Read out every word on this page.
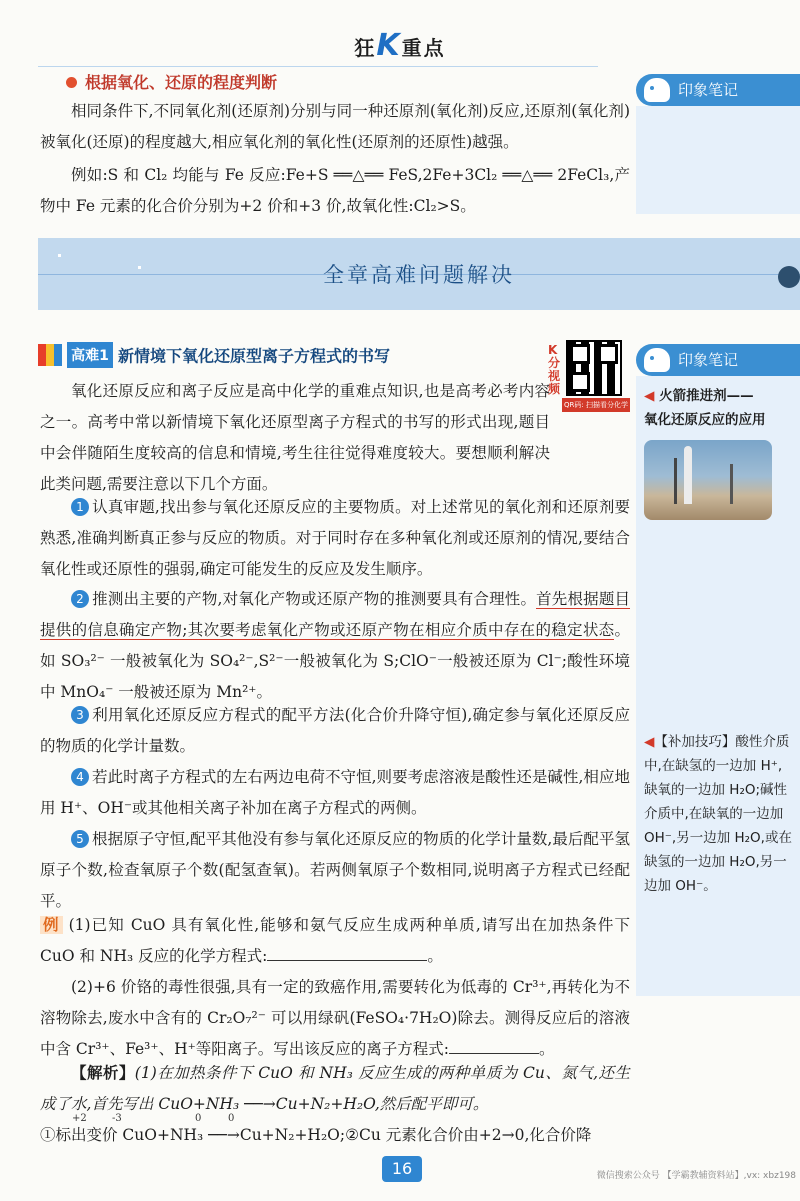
狂K重点
根据氧化、还原的程度判断
相同条件下,不同氧化剂(还原剂)分别与同一种还原剂(氧化剂)反应,还原剂(氧化剂)被氧化(还原)的程度越大,相应氧化剂的氧化性(还原剂的还原性)越强。
例如:S 和 Cl₂ 均能与 Fe 反应:Fe+S ══△══ FeS,2Fe+3Cl₂ ══△══ 2FeCl₃,产物中 Fe 元素的化合价分别为+2 价和+3 价,故氧化性:Cl₂>S。
印象笔记
全章高难问题解决
高难1 新情境下氧化还原型离子方程式的书写	K分视频
QR码: 扫描看分化学
氧化还原反应和离子反应是高中化学的重难点知识,也是高考必考内容之一。高考中常以新情境下氧化还原型离子方程式的书写的形式出现,题目中会伴随陌生度较高的信息和情境,考生往往觉得难度较大。要想顺利解决此类问题,需要注意以下几个方面。
1 认真审题,找出参与氧化还原反应的主要物质。对上述常见的氧化剂和还原剂要熟悉,准确判断真正参与反应的物质。对于同时存在多种氧化剂或还原剂的情况,要结合氧化性或还原性的强弱,确定可能发生的反应及发生顺序。
2 推测出主要的产物,对氧化产物或还原产物的推测要具有合理性。首先根据题目提供的信息确定产物;其次要考虑氧化产物或还原产物在相应介质中存在的稳定状态。如 SO₃²⁻ 一般被氧化为 SO₄²⁻,S²⁻一般被氧化为 S;ClO⁻一般被还原为 Cl⁻;酸性环境中 MnO₄⁻ 一般被还原为 Mn²⁺。
3 利用氧化还原反应方程式的配平方法(化合价升降守恒),确定参与氧化还原反应的物质的化学计量数。
4 若此时离子方程式的左右两边电荷不守恒,则要考虑溶液是酸性还是碱性,相应地用 H⁺、OH⁻或其他相关离子补加在离子方程式的两侧。
5 根据原子守恒,配平其他没有参与氧化还原反应的物质的化学计量数,最后配平氢原子个数,检查氧原子个数(配氢查氧)。若两侧氧原子个数相同,说明离子方程式已经配平。
例 (1)已知 CuO 具有氧化性,能够和氨气反应生成两种单质,请写出在加热条件下 CuO 和 NH₃ 反应的化学方程式:	。
(2)+6 价铬的毒性很强,具有一定的致癌作用,需要转化为低毒的 Cr³⁺,再转化为不溶物除去,废水中含有的 Cr₂O₇²⁻ 可以用绿矾(FeSO₄·7H₂O)除去。测得反应后的溶液中含 Cr³⁺、Fe³⁺、H⁺等阳离子。写出该反应的离子方程式:	。
【解析】(1)在加热条件下 CuO 和 NH₃ 反应生成的两种单质为 Cu、氮气,还生成了水,首先写出 CuO+NH₃ ──→Cu+N₂+H₂O,然后配平即可。
+2	-3	0	0
①标出变价 CuO+NH₃ ──→Cu+N₂+H₂O;②Cu 元素化合价由+2→0,化合价降
印象笔记
◀ 火箭推进剂——
氧化还原反应的应用
◀【补加技巧】酸性介质中,在缺氢的一边加 H⁺,缺氧的一边加 H₂O;碱性介质中,在缺氧的一边加 OH⁻,另一边加 H₂O,或在缺氢的一边加 H₂O,另一边加 OH⁻。
16	微信搜索公众号 【学霸教辅资料站】,vx: xbz198
